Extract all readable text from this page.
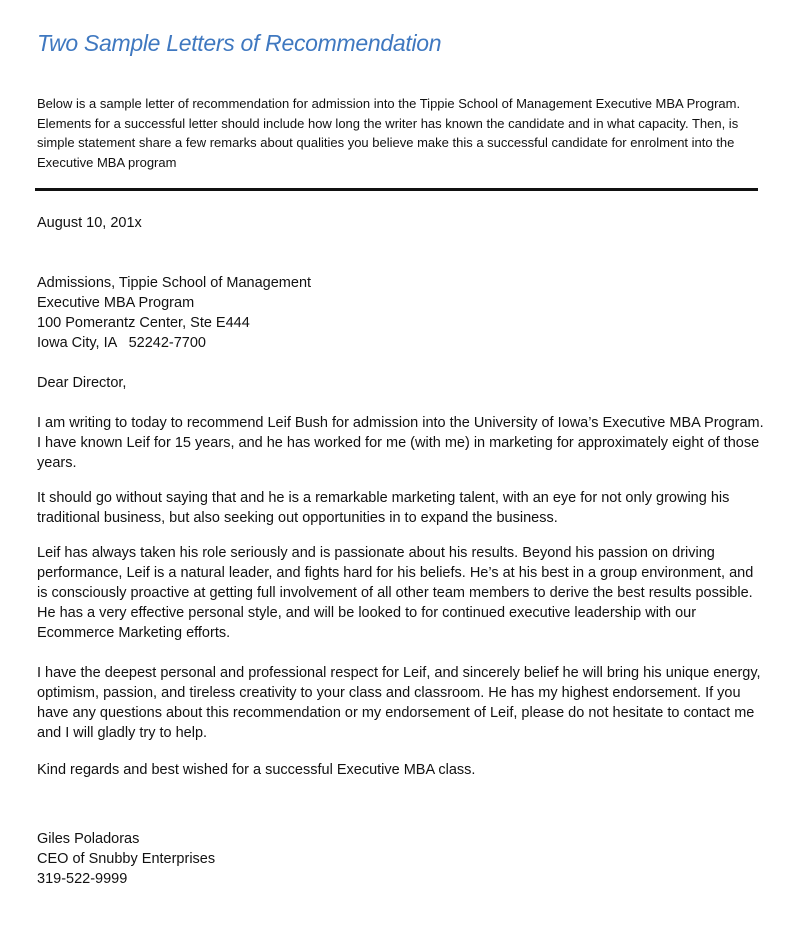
Two Sample Letters of Recommendation

Below is a sample letter of recommendation for admission into the Tippie School of Management Executive MBA Program. Elements for a successful letter should include how long the writer has known the candidate and in what capacity. Then, is simple statement share a few remarks about qualities you believe make this a successful candidate for enrolment into the Executive MBA program

August 10, 201x
Admissions, Tippie School of Management
Executive MBA Program
100 Pomerantz Center, Ste E444
Iowa City, IA   52242-7700
Dear Director,

I am writing to today to recommend Leif Bush for admission into the University of Iowa’s Executive MBA Program. I have known Leif for 15 years, and he has worked for me (with me) in marketing for approximately eight of those years.

It should go without saying that and he is a remarkable marketing talent, with an eye for not only growing his traditional business, but also seeking out opportunities in to expand the business.

Leif has always taken his role seriously and is passionate about his results. Beyond his passion on driving performance, Leif is a natural leader, and fights hard for his beliefs. He’s at his best in a group environment, and is consciously proactive at getting full involvement of all other team members to derive the best results possible. He has a very effective personal style, and will be looked to for continued executive leadership with our Ecommerce Marketing efforts.

I have the deepest personal and professional respect for Leif, and sincerely belief he will bring his unique energy, optimism, passion, and tireless creativity to your class and classroom. He has my highest endorsement. If you have any questions about this recommendation or my endorsement of Leif, please do not hesitate to contact me and I will gladly try to help.

Kind regards and best wished for a successful Executive MBA class.
Giles Poladoras
CEO of Snubby Enterprises
319-522-9999
